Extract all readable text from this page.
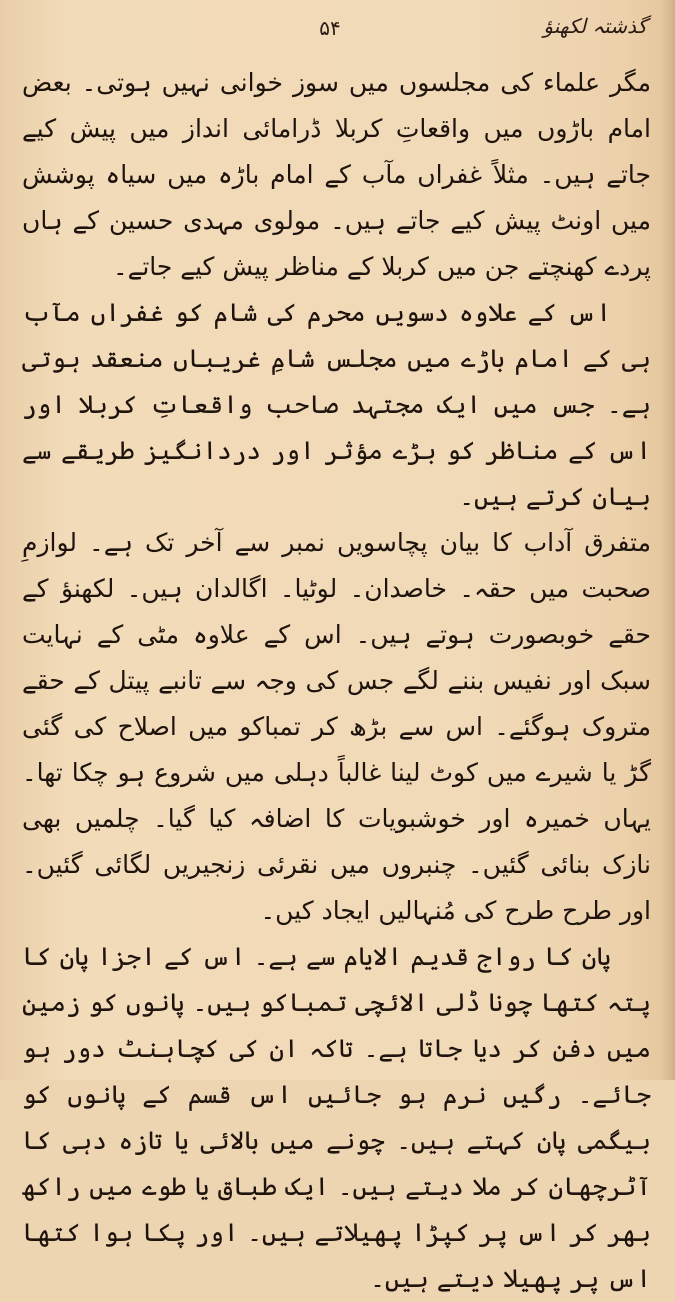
گذشتہ لکھنؤ
۵۴

مگر علماء کی مجلسوں میں سوز خوانی نہیں ہوتی۔ بعض امام باڑوں میں واقعاتِ کربلا ڈرامائی انداز میں پیش کیے جاتے ہیں۔ مثلاً غفراں مآب کے امام باڑہ میں سیاہ پوشش میں اونٹ پیش کیے جاتے ہیں۔ مولوی مہدی حسین کے ہاں پردے کھنچتے جن میں کربلا کے مناظر پیش کیے جاتے۔

اس کے علاوہ دسویں محرم کی شام کو غفراں مآب ہی کے امام باڑے میں مجلس شامِ غریباں منعقد ہوتی ہے۔ جس میں ایک مجتہد صاحب واقعاتِ کربلا اور اس کے مناظر کو بڑے مؤثر اور دردانگیز طریقے سے بیان کرتے ہیں۔

متفرق آداب کا بیان پچاسویں نمبر سے آخر تک ہے۔ لوازمِ صحبت میں حقہ۔ خاصدان۔ لوٹیا۔ اگالدان ہیں۔ لکھنؤ کے حقے خوبصورت ہوتے ہیں۔ اس کے علاوہ مٹی کے نہایت سبک اور نفیس بننے لگے جس کی وجہ سے تانبے پیتل کے حقے متروک ہوگئے۔ اس سے بڑھ کر تمباکو میں اصلاح کی گئی گڑ یا شیرے میں کوٹ لینا غالباً دہلی میں شروع ہو چکا تھا۔ یہاں خمیرہ اور خوشبویات کا اضافہ کیا گیا۔ چلمیں بھی نازک بنائی گئیں۔ چنبروں میں نقرئی زنجیریں لگائی گئیں۔ اور طرح طرح کی مُنہالیں ایجاد کیں۔

پان کا رواج قدیم الایام سے ہے۔ اس کے اجزا پان کا پتہ کتھا چونا ڈلی الائچی تمباکو ہیں۔ پانوں کو زمین میں دفن کر دیا جاتا ہے۔ تاکہ ان کی کچاہنٹ دور ہو جائے۔ رگیں نرم ہو جائیں اس قسم کے پانوں کو بیگمی پان کہتے ہیں۔ چونے میں بالائی یا تازہ دہی کا آٹرچھان کر ملا دیتے ہیں۔ ایک طباق یا طوے میں راکھ بھر کر اس پر کپڑا پھیلاتے ہیں۔ اور پکا ہوا کتھا اس پر پھیلا دیتے ہیں۔
